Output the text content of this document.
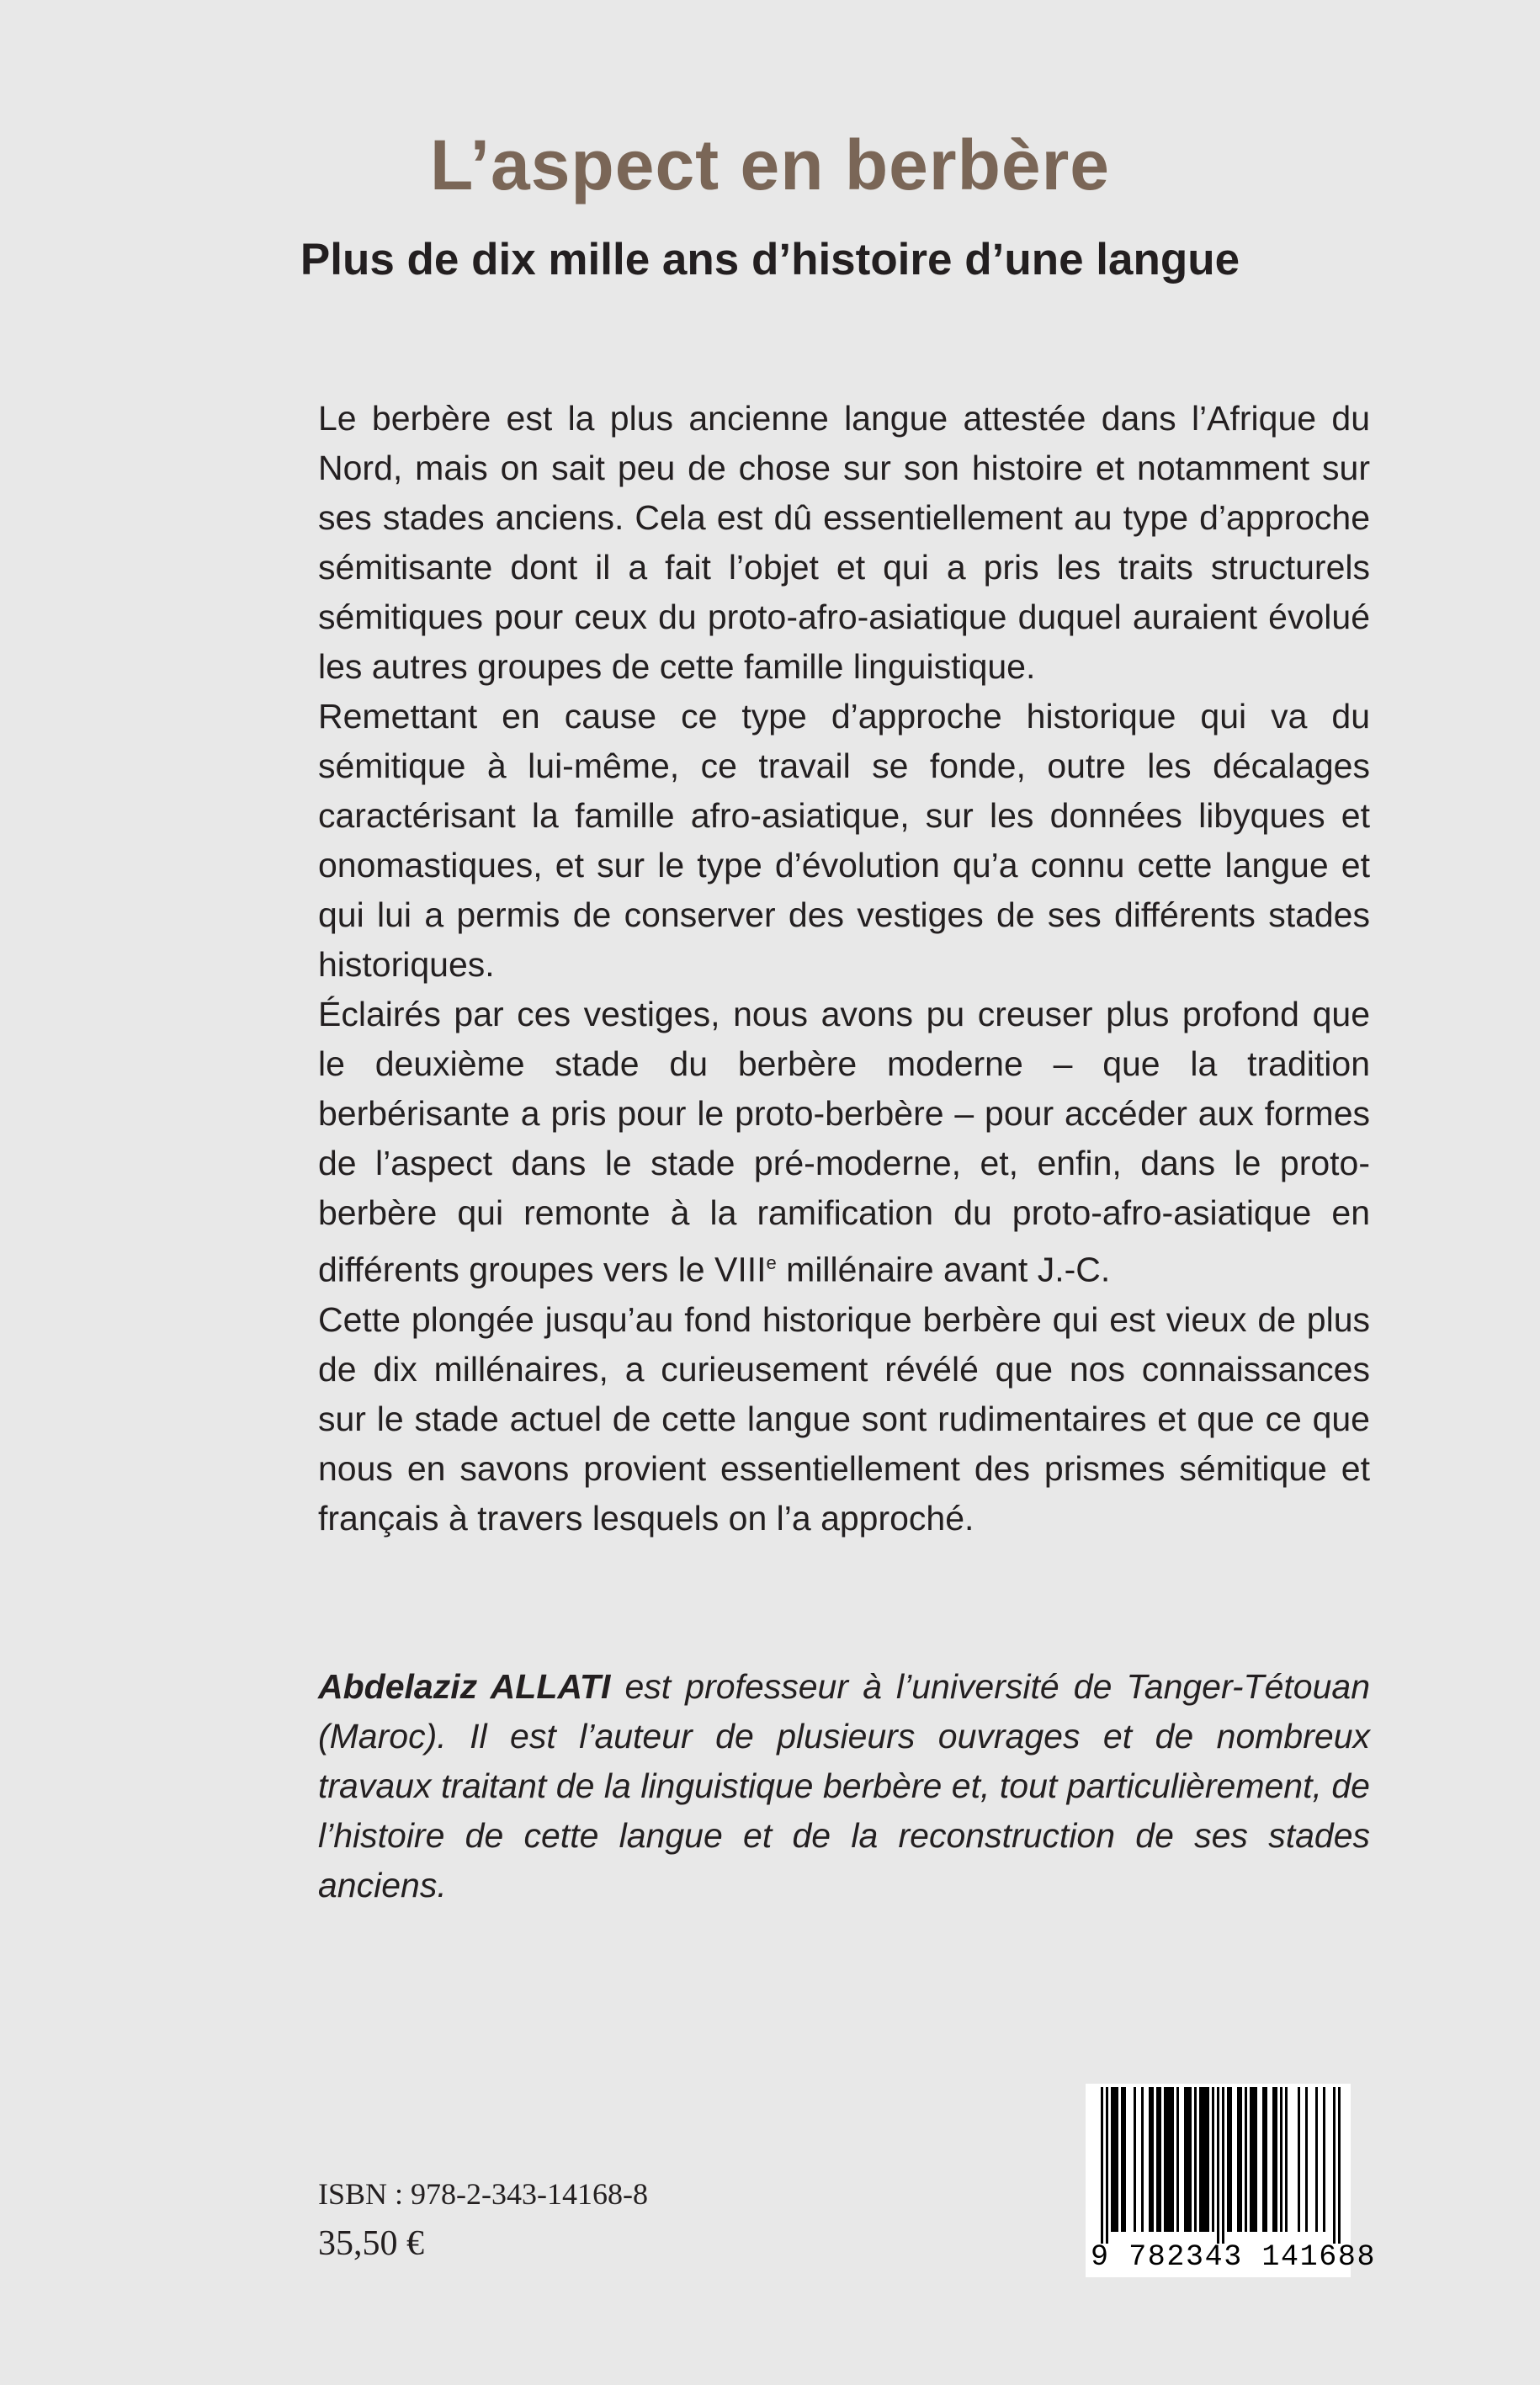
L’aspect en berbère
Plus de dix mille ans d’histoire d’une langue

Le berbère est la plus ancienne langue attestée dans l’Afrique du Nord, mais on sait peu de chose sur son histoire et notamment sur ses stades anciens. Cela est dû essentiellement au type d’approche sémitisante dont il a fait l’objet et qui a pris les traits structurels sémitiques pour ceux du proto-afro-asiatique duquel auraient évolué les autres groupes de cette famille linguistique.

Remettant en cause ce type d’approche historique qui va du sémitique à lui-même, ce travail se fonde, outre les décalages caractérisant la famille afro-asiatique, sur les données libyques et onomastiques, et sur le type d’évolution qu’a connu cette langue et qui lui a permis de conserver des vestiges de ses différents stades historiques.

Éclairés par ces vestiges, nous avons pu creuser plus profond que le deuxième stade du berbère moderne – que la tradition berbérisante a pris pour le proto-berbère – pour accéder aux formes de l’aspect dans le stade pré-moderne, et, enfin, dans le proto-berbère qui remonte à la ramification du proto-afro-asiatique en différents groupes vers le VIIIe millénaire avant J.-C.

Cette plongée jusqu’au fond historique berbère qui est vieux de plus de dix millénaires, a curieusement révélé que nos connaissances sur le stade actuel de cette langue sont rudimentaires et que ce que nous en savons provient essentiellement des prismes sémitique et français à travers lesquels on l’a approché.

Abdelaziz ALLATI est professeur à l’université de Tanger-Tétouan (Maroc). Il est l’auteur de plusieurs ouvrages et de nombreux travaux traitant de la linguistique berbère et, tout particulièrement, de l’histoire de cette langue et de la reconstruction de ses stades anciens.
ISBN : 978-2-343-14168-8
35,50 €	9 782343 141688
